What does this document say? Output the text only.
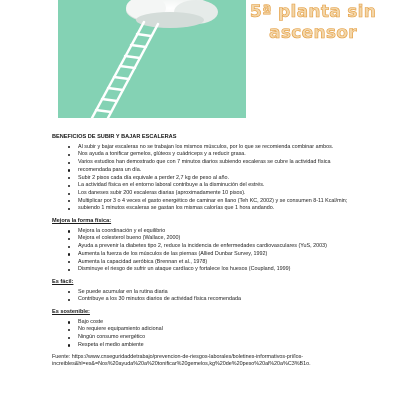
5ª planta sin
ascensor

BENEFICIOS DE SUBIR Y BAJAR ESCALERAS

Al subir y bajar escaleras no se trabajan los mismos músculos, por lo que se recomienda combinar ambos.
Nos ayuda a tonificar gemelos, glúteos y cuádriceps y a reducir grasa.
Varios estudios han demostrado que con 7 minutos diarios subiendo escaleras se cubre la actividad física
recomendada para un día.
Subir 2 pisos cada día equivale a perder 2,7 kg de peso al año.
La actividad física en el entorno laboral contribuye a la disminución del estrés.
Los daneses subir 200 escaleras diarias (aproximadamente 10 pisos).
Multiplicar por 3 o 4 veces el gasto energético de caminar en llano (Teh KC, 2002) y se consumen 8-11 Kcal/min;
subiendo 1 minutos escaleras se gastan los mismas calorías que 1 hora andando.

Mejora la forma física:

Mejora la coordinación y el equilibrio
Mejora el colesterol bueno (Wallace, 2000)
Ayuda a prevenir la diabetes tipo 2, reduce la incidencia de enfermedades cardiovasculares (YuS, 2003)
Aumenta la fuerza de los músculos de las piernas (Allied Dunbar Survey, 1992)
Aumenta la capacidad aeróbica (Brennan et al., 1978)
Disminuye el riesgo de sufrir un ataque cardíaco y fortalece los huesos (Coupland, 1999)

Es fácil:

Se puede acumular en la rutina diaria
Contribuye a los 30 minutos diarios de actividad física recomendada

Es sostenible:

Bajo coste
No requiere equipamiento adicional
Ningún consumo energético
Respeta el medio ambiente

Fuente: https://www.cnseguridaddetrabajo/prevencion-de-riesgos-laborales/boletines-informativos-pri/los-

increibles&hl=es&=Nos%20ayuda%20a%20tonificar%20gemelos,kg%20de%20peso%20al%20a%C3%B1o.
